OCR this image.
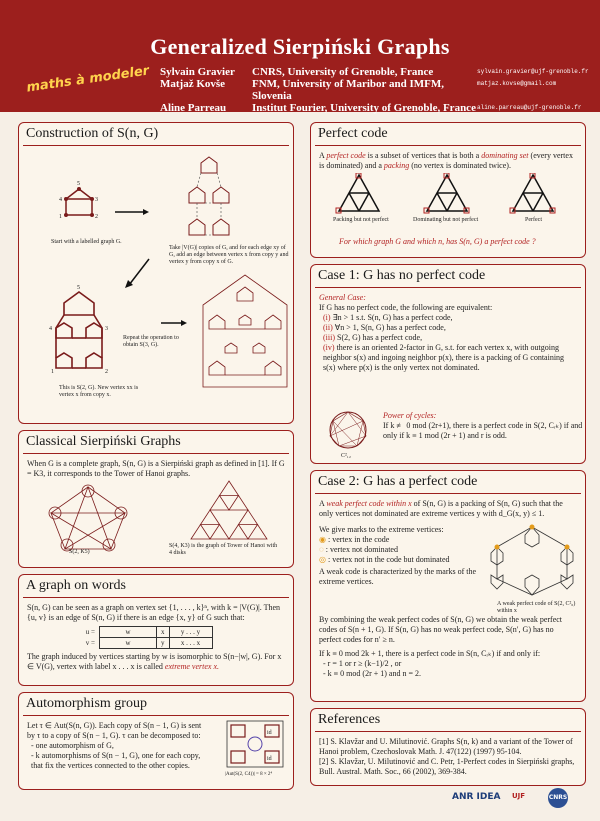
Generalized Sierpiński Graphs
maths à modeler Sylvain Gravier	CNRS, University of Grenoble, France	sylvain.gravier@ujf-grenoble.fr
Matjaž Kovše	FNM, University of Maribor and IMFM, Slovenia
matjaz.kovse@gmail.com
Aline Parreau	Institut Fourier, University of Grenoble, France aline.parreau@ujf-grenoble.fr
Construction of S(n, G)
5
3
2
1
4
5
4	3
1	2
Start with a labelled graph G.
Take |V(G)| copies of G, and for each edge xy of G, add an edge between vertex x from copy y and vertex y from copy x of G.
This is S(2, G). New vertex xx is vertex x from copy x.
Repeat the operation to obtain S(3, G).
Classical Sierpiński Graphs
When G is a complete graph, S(n, G) is a Sierpiński graph as defined in [1]. If G = K3, it corresponds to the Tower of Hanoi graphs.
S(2, K5)
S(4, K3) is the graph of Tower of Hanoi with 4 disks
A graph on words
S(n, G) can be seen as a graph on vertex set {1, . . . , k}ⁿ, with k = |V(G)|. Then {u, v} is an edge of S(n, G) if there is an edge {x, y} of G such that:
u =	w	x	y . . . y
v =	w	y	x . . . x
The graph induced by vertices starting by w is isomorphic to S(n−|w|, G). For x ∈ V(G), vertex with label x . . . x is called extreme vertex x.
Automorphism group
Let τ ∈ Aut(S(n, G)). Each copy of S(n − 1, G) is sent by τ to a copy of S(n − 1, G). τ can be decomposed to:
- one automorphism of G,
- k automorphisms of S(n − 1, G), one for each copy, that fix the vertices connected to the other copies.
id
id
|Aut(S(2, C4))| = 8 × 2⁴
Perfect code
A perfect code is a subset of vertices that is both a dominating set (every vertex is dominated) and a packing (no vertex is dominated twice).
Packing but not perfect	Dominating but not perfect	Perfect
For which graph G and which n, has S(n, G) a perfect code ?
Case 1: G has no perfect code
General Case:
If G has no perfect code, the following are equivalent:
(i) ∃n > 1 s.t. S(n, G) has a perfect code,
(ii) ∀n > 1, S(n, G) has a perfect code,
(iii) S(2, G) has a perfect code,
(iv) there is an oriented 2-factor in G, s.t. for each vertex x, with outgoing neighbor s(x) and ingoing neighbor p(x), there is a packing of G containing s(x) where p(x) is the only vertex not dominated.
C²₁₂
Power of cycles:
If k ≢ 0 mod (2r+1), there is a perfect code in S(2, Cᵣₖ) if and only if k ≡ 1 mod (2r + 1) and r is odd.
Case 2: G has a perfect code
A weak perfect code within x of S(n, G) is a packing of S(n, G) such that the only vertices not dominated are extreme vertices y with d_G(x, y) ≤ 1.
We give marks to the extreme vertices:
◉ : vertex in the code
◌ : vertex not dominated
◎ : vertex not in the code but dominated
A weak code is characterized by the marks of the extreme vertices.
A weak perfect code of S(2, C²₆) within x
By combining the weak perfect codes of S(n, G) we obtain the weak perfect codes of S(n + 1, G). If S(n, G) has no weak perfect code, S(n′, G) has no perfect codes for n′ ≥ n.
If k ≡ 0 mod 2k + 1, there is a perfect code in S(n, Cᵣₖ) if and only if:
- r = 1 or r ≥ (k−1)/2 , or
- k ≡ 0 mod (2r + 1) and n = 2.
References
[1] S. Klavžar and U. Milutinović. Graphs S(n, k) and a variant of the Tower of Hanoi problem, Czechoslovak Math. J. 47(122) (1997) 95-104.
[2] S. Klavžar, U. Milutinović and C. Petr, 1-Perfect codes in Sierpiński graphs, Bull. Austral. Math. Soc., 66 (2002), 369-384.
ANR IDEA UJF	CNRS
